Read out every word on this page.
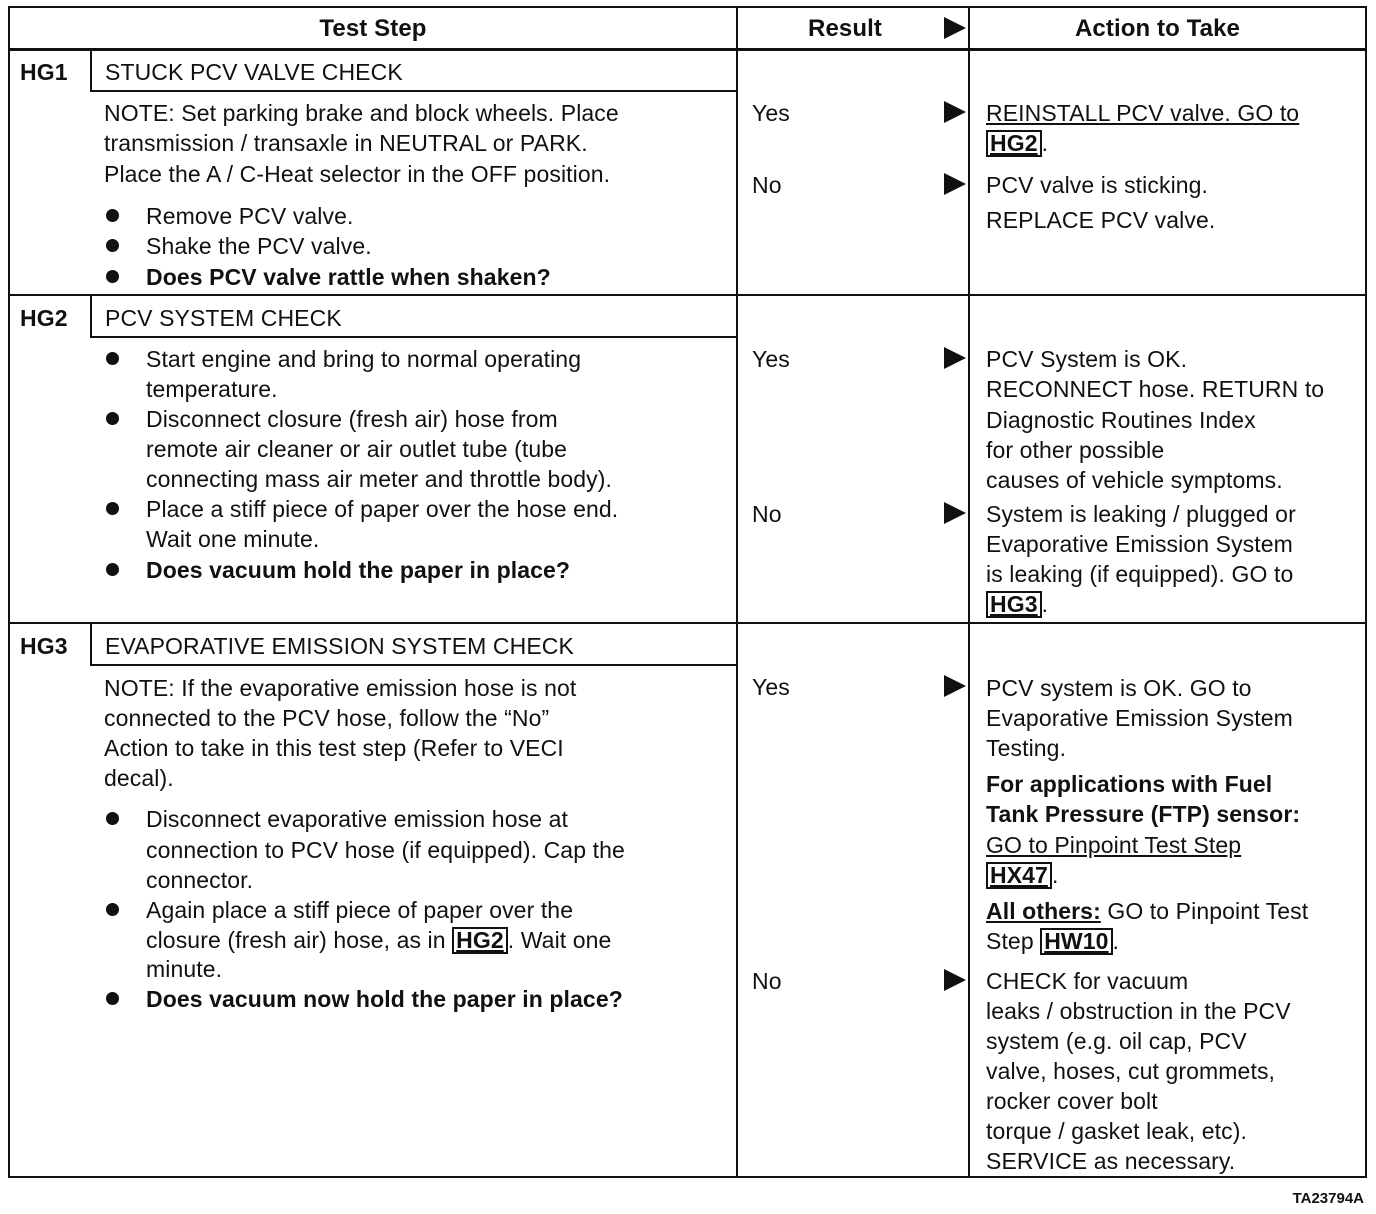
Test Step	Result	Action to Take
HG1 STUCK PCV VALVE CHECK
NOTE: Set parking brake and block wheels. Place
transmission / transaxle in NEUTRAL or PARK.
Place the A / C-Heat selector in the OFF position.
Remove PCV valve.
Shake the PCV valve.
Does PCV valve rattle when shaken?
Yes
No
REINSTALL PCV valve. GO to
HG2 .
PCV valve is sticking.
REPLACE PCV valve.
HG2 PCV SYSTEM CHECK
Start engine and bring to normal operating
temperature.
Disconnect closure (fresh air) hose from
remote air cleaner or air outlet tube (tube
connecting mass air meter and throttle body).
Place a stiff piece of paper over the hose end.
Wait one minute.
Does vacuum hold the paper in place?
Yes
No
PCV System is OK.
RECONNECT hose. RETURN to
Diagnostic Routines Index
for other possible
causes of vehicle symptoms.
System is leaking / plugged or
Evaporative Emission System
is leaking (if equipped). GO to
HG3 .
HG3 EVAPORATIVE EMISSION SYSTEM CHECK
NOTE: If the evaporative emission hose is not
connected to the PCV hose, follow the “No”
Action to take in this test step (Refer to VECI
decal).
Disconnect evaporative emission hose at
connection to PCV hose (if equipped). Cap the
connector.
Again place a stiff piece of paper over the
closure (fresh air) hose, as in HG2 . Wait one
minute.
Does vacuum now hold the paper in place?
Yes
No
PCV system is OK. GO to
Evaporative Emission System
Testing.
For applications with Fuel
Tank Pressure (FTP) sensor:
GO to Pinpoint Test Step
HX47 .
All others: GO to Pinpoint Test
Step HW10 .
CHECK for vacuum
leaks / obstruction in the PCV
system (e.g. oil cap, PCV
valve, hoses, cut grommets,
rocker cover bolt
torque / gasket leak, etc).
SERVICE as necessary.
TA23794A
